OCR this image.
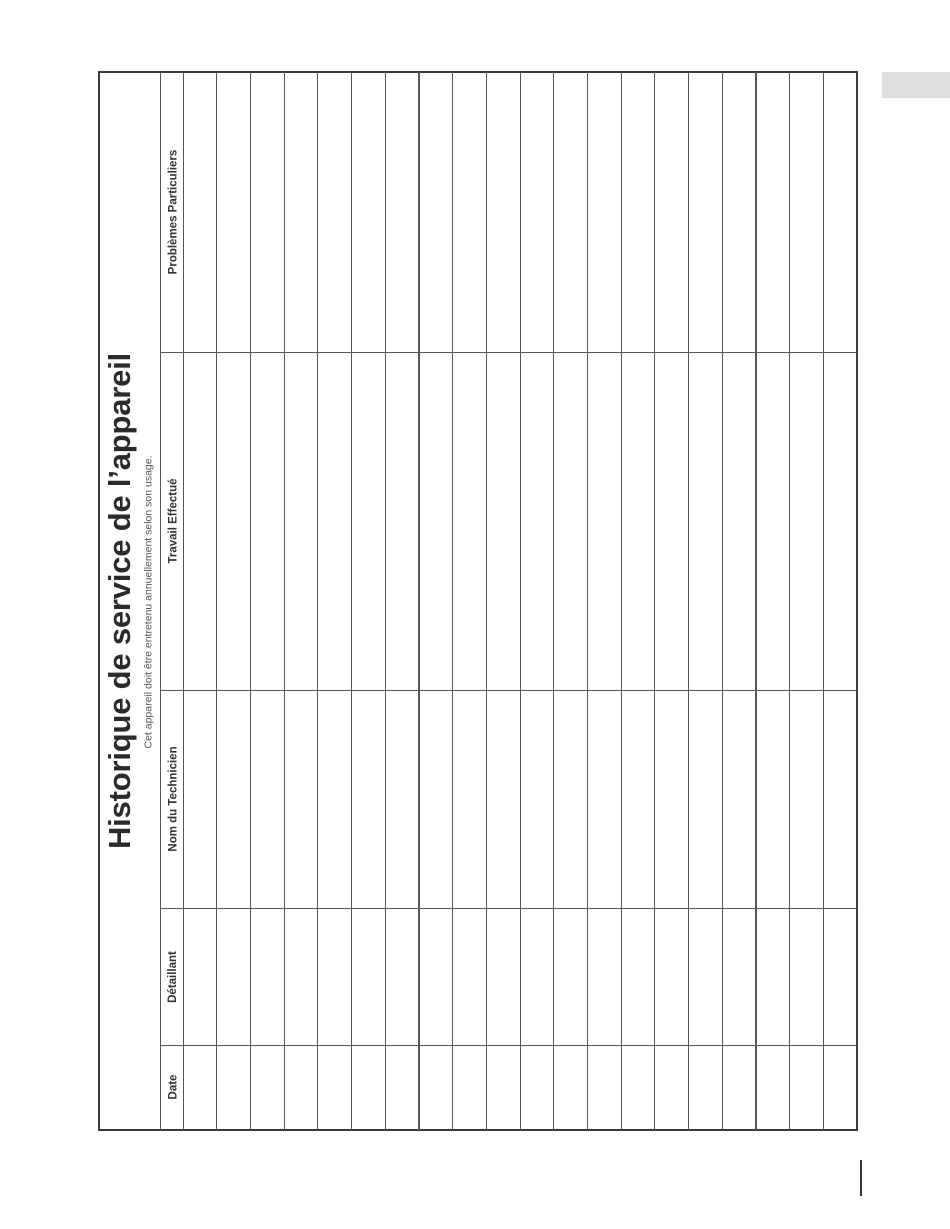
Historique de service de l’appareil Cet appareil doit être entretenu annuellement selon son usage.
Date
Détaillant
Nom du Technicien
Travail Effectué
Problèmes Particuliers
